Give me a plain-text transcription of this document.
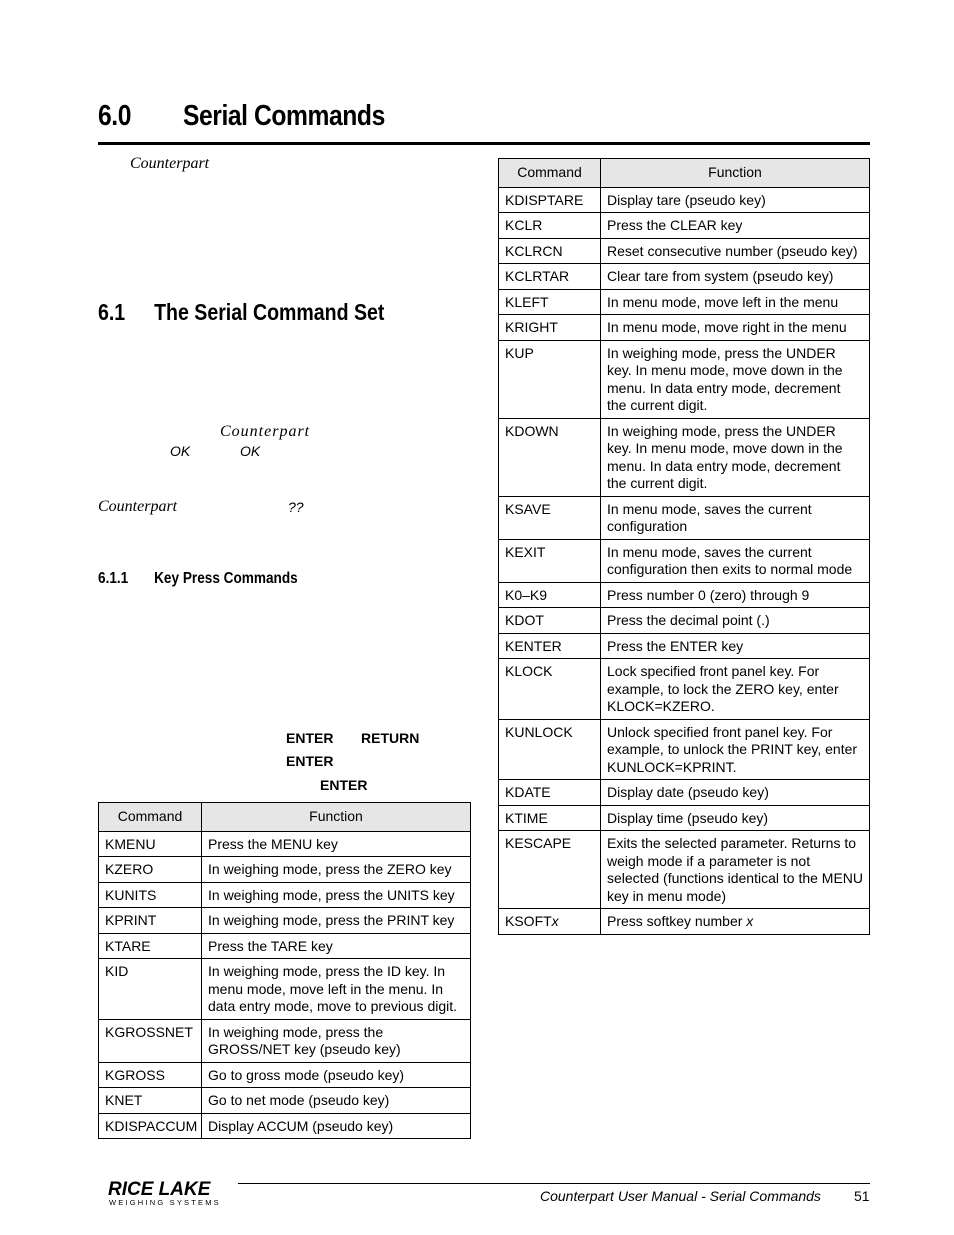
6.0 Serial Commands
Counterpart
6.1 The Serial Command Set
Counterpart
OK	OK
Counterpart	??
6.1.1 Key Press Commands
ENTER RETURN
ENTER
ENTER
Command	Function
KMENU	Press the MENU key
KZERO	In weighing mode, press the ZERO key
KUNITS	In weighing mode, press the UNITS key
KPRINT	In weighing mode, press the PRINT key
KTARE	Press the TARE key
KID	In weighing mode, press the ID key. In menu mode, move left in the menu. In data entry mode, move to previous digit.
KGROSSNET	In weighing mode, press the GROSS/NET key (pseudo key)
KGROSS	Go to gross mode (pseudo key)
KNET	Go to net mode (pseudo key)
KDISPACCUM	Display ACCUM (pseudo key)
Command	Function
KDISPTARE	Display tare (pseudo key)
KCLR	Press the CLEAR key
KCLRCN	Reset consecutive number (pseudo key)
KCLRTAR	Clear tare from system (pseudo key)
KLEFT	In menu mode, move left in the menu
KRIGHT	In menu mode, move right in the menu
KUP	In weighing mode, press the UNDER key. In menu mode, move down in the menu. In data entry mode, decrement the current digit.
KDOWN	In weighing mode, press the UNDER key. In menu mode, move down in the menu. In data entry mode, decrement the current digit.
KSAVE	In menu mode, saves the current configuration
KEXIT	In menu mode, saves the current configuration then exits to normal mode
K0–K9	Press number 0 (zero) through 9
KDOT	Press the decimal point (.)
KENTER	Press the ENTER key
KLOCK	Lock specified front panel key. For example, to lock the ZERO key, enter KLOCK=KZERO.
KUNLOCK	Unlock specified front panel key. For example, to unlock the PRINT key, enter KUNLOCK=KPRINT.
KDATE	Display date (pseudo key)
KTIME	Display time (pseudo key)
KESCAPE	Exits the selected parameter. Returns to weigh mode if a parameter is not selected (functions identical to the MENU key in menu mode)
KSOFTx	Press softkey number x
RICE LAKE
WEIGHING SYSTEMS	Counterpart User Manual - Serial Commands 51
